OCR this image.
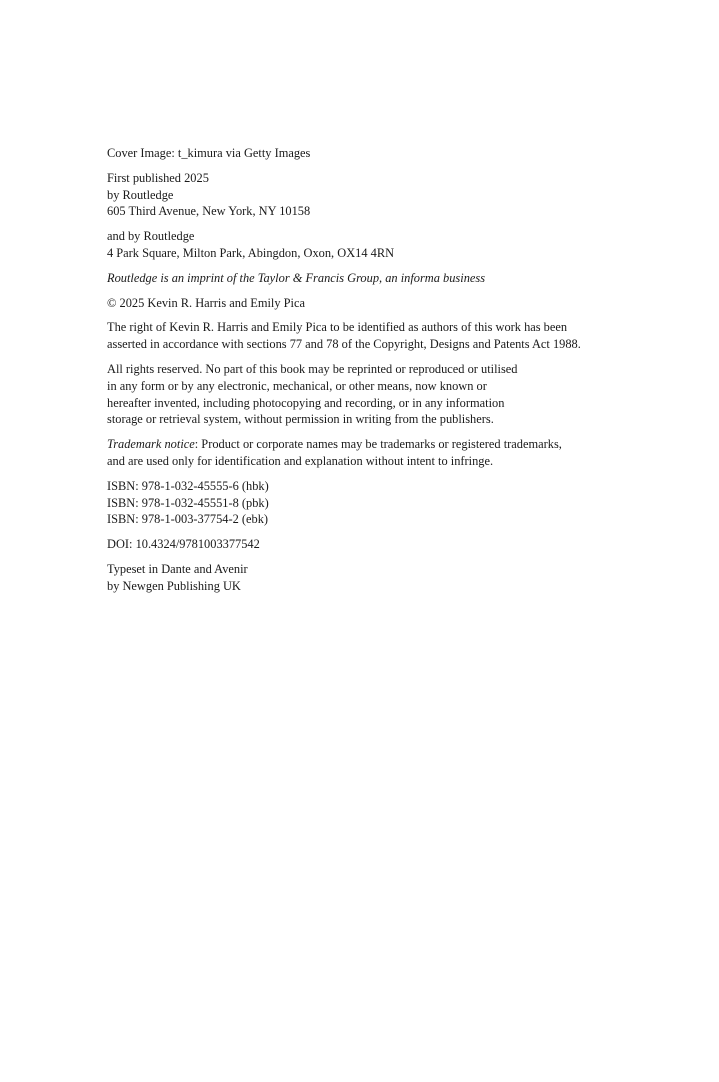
Cover Image: t_kimura via Getty Images
First published 2025
by Routledge
605 Third Avenue, New York, NY 10158
and by Routledge
4 Park Square, Milton Park, Abingdon, Oxon, OX14 4RN
Routledge is an imprint of the Taylor & Francis Group, an informa business
© 2025 Kevin R. Harris and Emily Pica
The right of Kevin R. Harris and Emily Pica to be identified as authors of this work has been
asserted in accordance with sections 77 and 78 of the Copyright, Designs and Patents Act 1988.
All rights reserved. No part of this book may be reprinted or reproduced or utilised
in any form or by any electronic, mechanical, or other means, now known or
hereafter invented, including photocopying and recording, or in any information
storage or retrieval system, without permission in writing from the publishers.
Trademark notice: Product or corporate names may be trademarks or registered trademarks,
and are used only for identification and explanation without intent to infringe.
ISBN: 978-1-032-45555-6 (hbk)
ISBN: 978-1-032-45551-8 (pbk)
ISBN: 978-1-003-37754-2 (ebk)
DOI: 10.4324/9781003377542
Typeset in Dante and Avenir
by Newgen Publishing UK
